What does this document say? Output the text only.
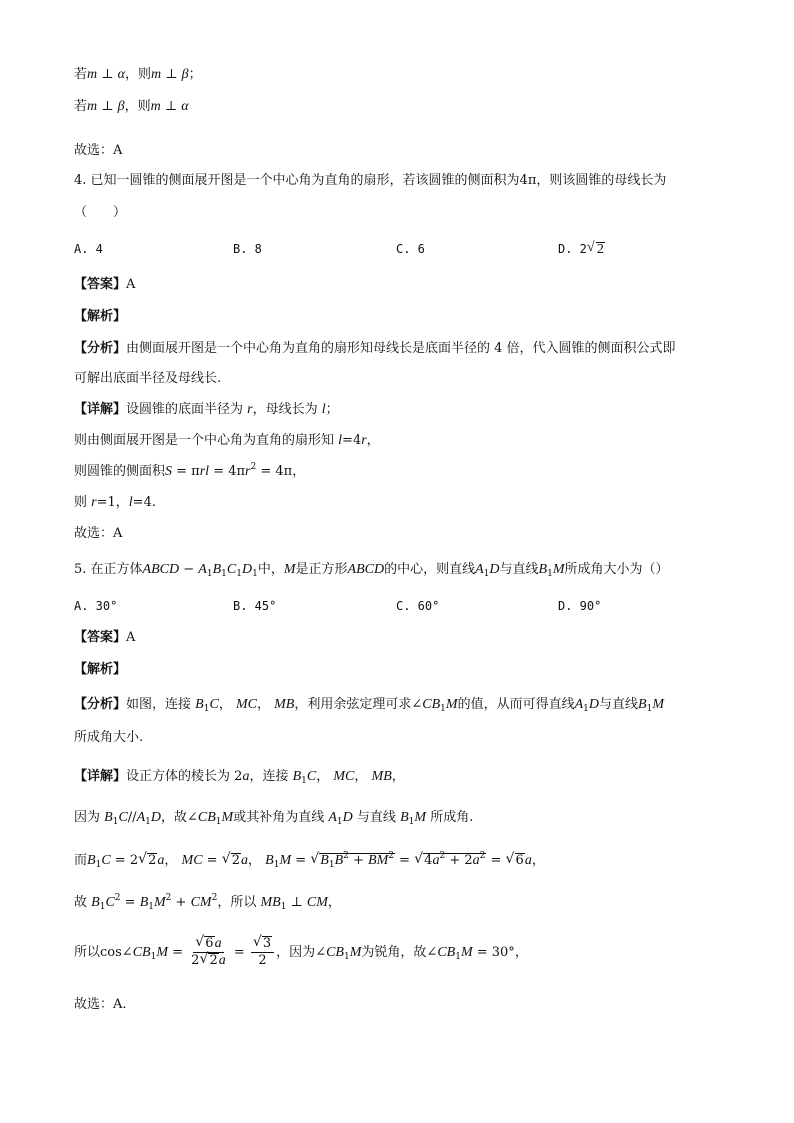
若m ⊥ α，则m ⊥ β；
若m ⊥ β，则m ⊥ α
故选：A
4. 已知一圆锥的侧面展开图是一个中心角为直角的扇形，若该圆锥的侧面积为4π，则该圆锥的母线长为
（　　）
A. 4	B. 8	C. 6	D. 2 √ 2
【答案】A
【解析】
【分析】由侧面展开图是一个中心角为直角的扇形知母线长是底面半径的 4 倍，代入圆锥的侧面积公式即
可解出底面半径及母线长.
【详解】设圆锥的底面半径为 r，母线长为 l；
则由侧面展开图是一个中心角为直角的扇形知 l=4r，
则圆锥的侧面积$S = \pi rl = 4\pi r^2 = 4\pi$，
则 r=1，l=4.
故选：A
5. 在正方体ABCD − $A_1B_1C_1D_1$中，M是正方形ABCD的中心，则直线$A_1D$与直线$B_1M$所成角大小为（）
A. 30°	B. 45°	C. 60°	D. 90°
【答案】A
【解析】
【分析】如图，连接 $B_1C$， MC， MB，利用余弦定理可求$\angle CB_1M$的值，从而可得直线$A_1D$与直线$B_1M$
所成角大小.
【详解】设正方体的棱长为 2a，连接 $B_1C$， MC， MB，
因为 $B_1C//A_1D$，故$\angle CB_1M$或其补角为直线 $A_1D$ 与直线 $B_1M$ 所成角.
而$B_1C = 2$ √ 2a， MC = √ 2a， $B_1M$ = √ $B_1B^2 + BM^2$ = √ $4a^2 + 2a^2$ = √ 6a，
故 $B_1C^2 = B_1M^2 + CM^2$，所以 $MB_1$ ⊥ CM，
所以$\cos\angle CB_1M = \frac{√ 6a}{2 √ 2a} = \frac{√ 3}{2}$ ，因为$\angle CB_1M$为锐角，故$\angle CB_1M = 30^\circ$，
故选：A.
